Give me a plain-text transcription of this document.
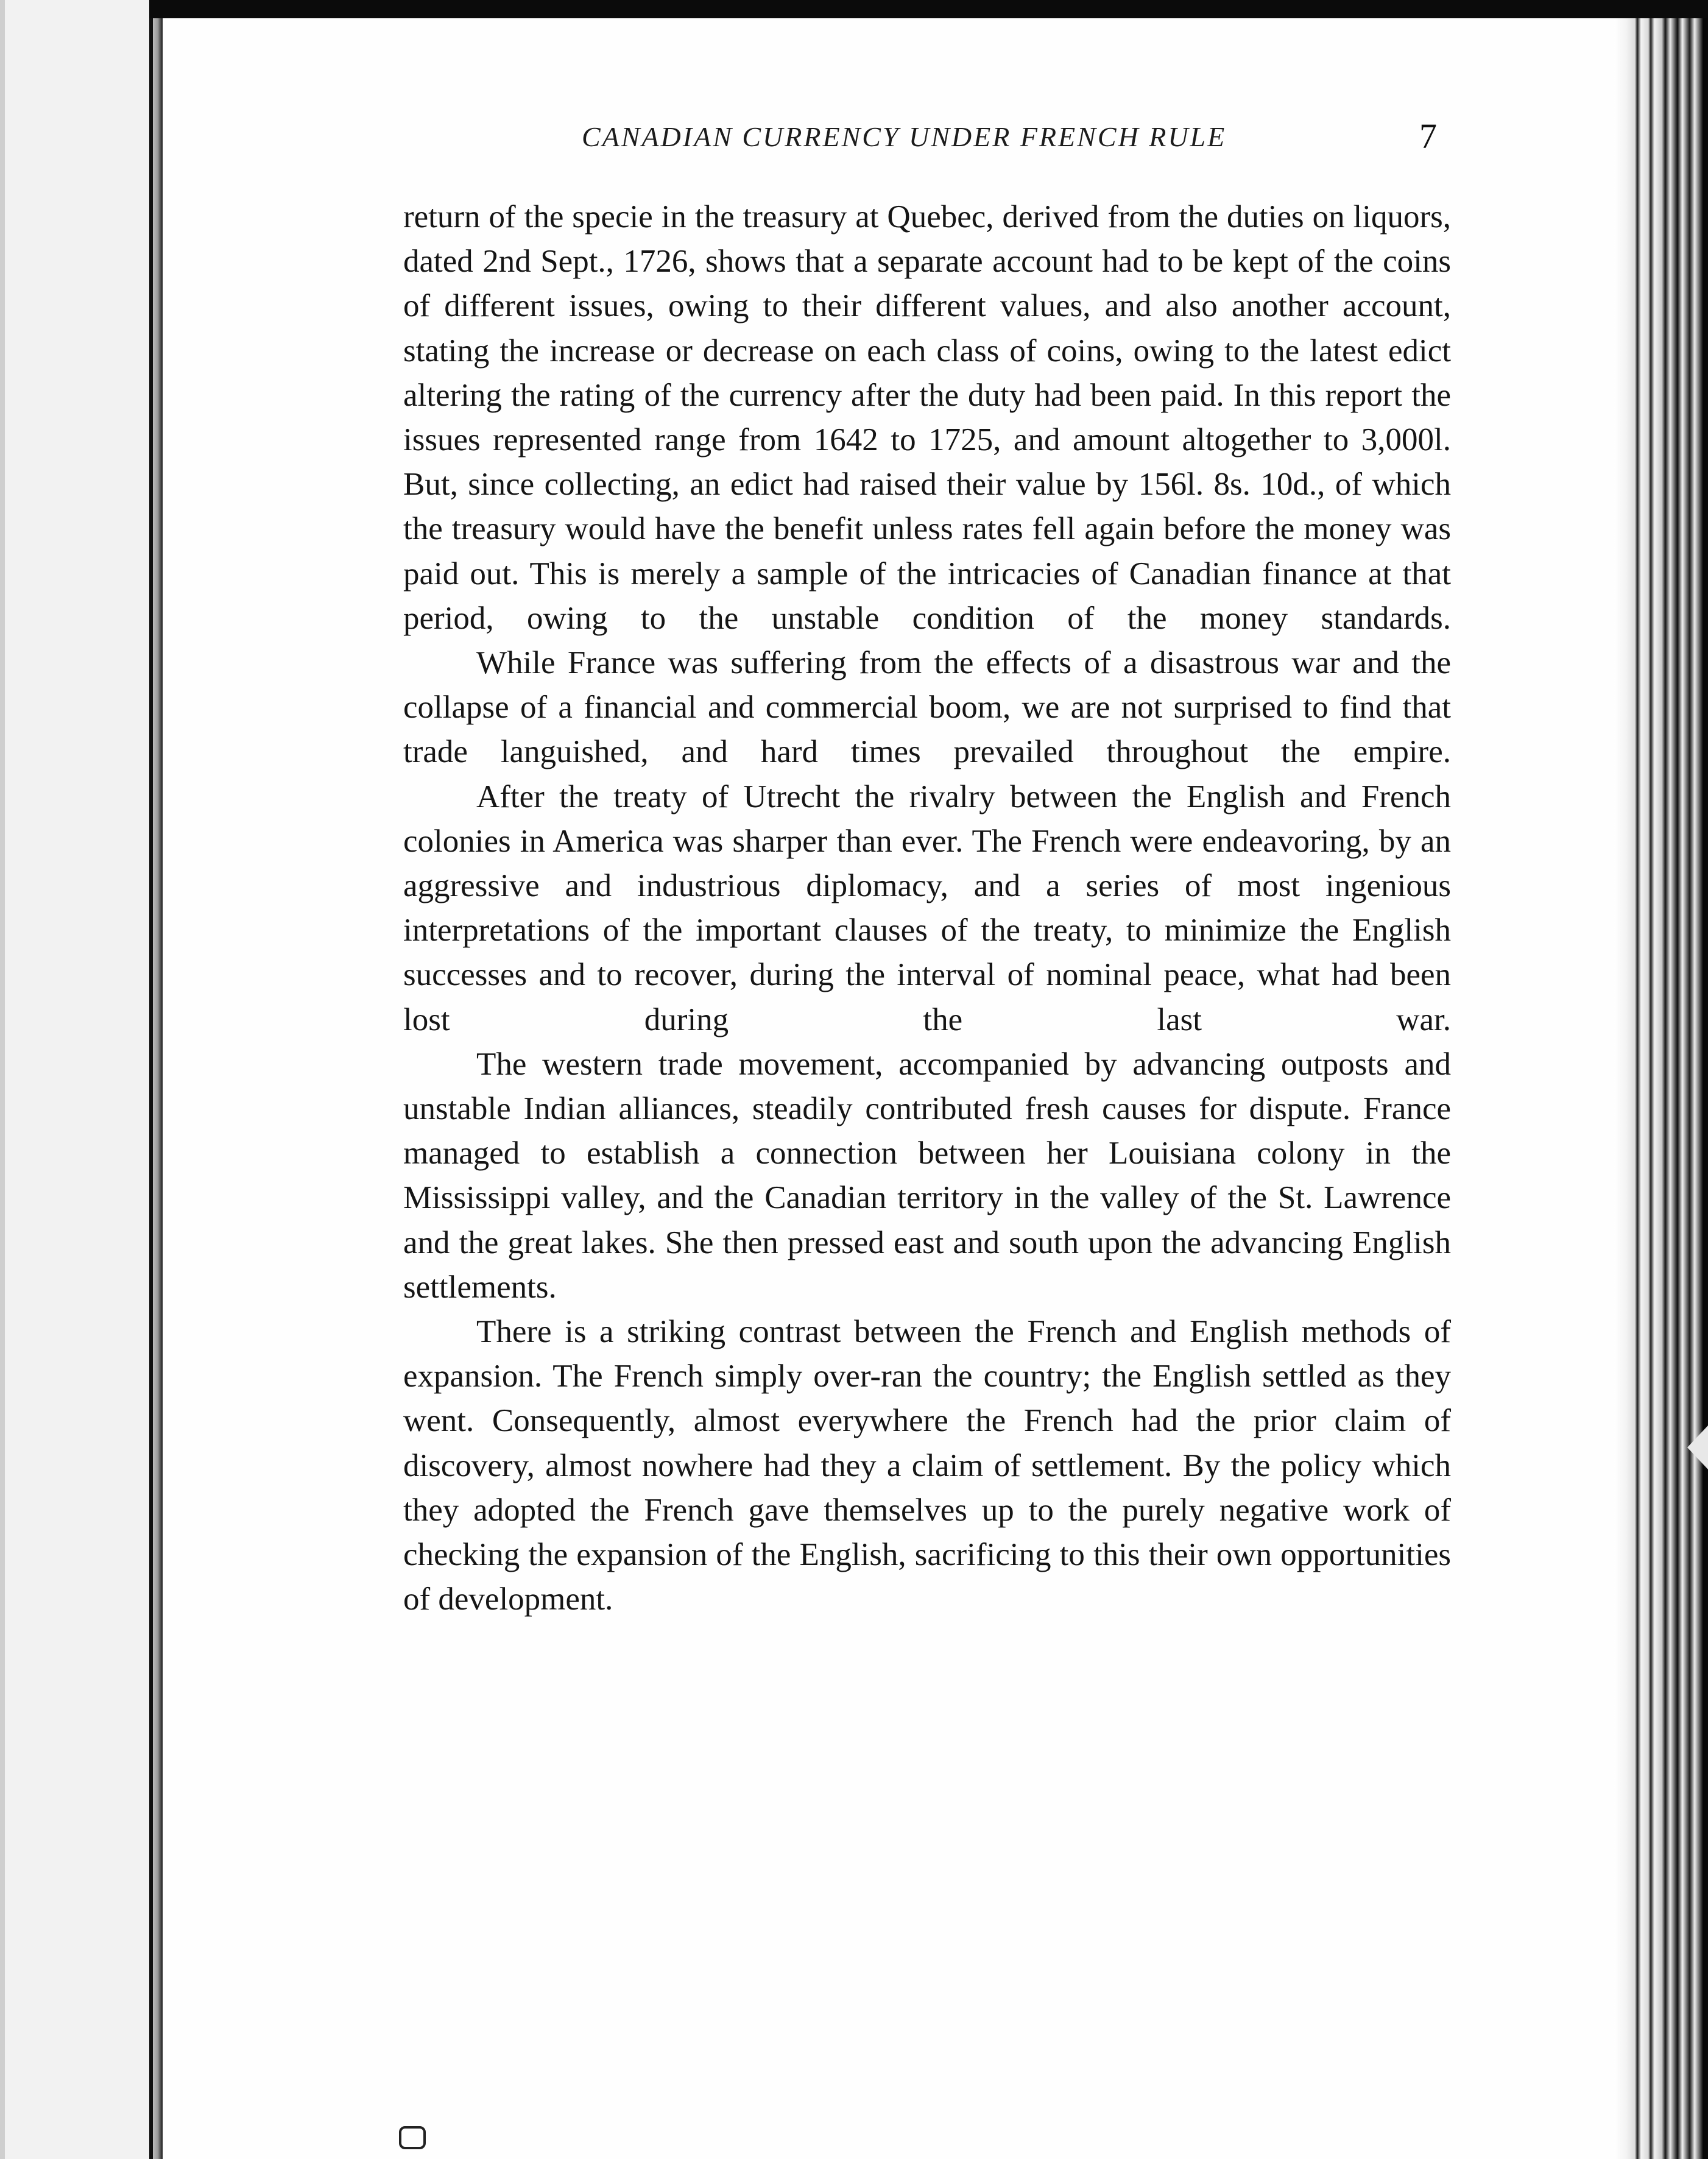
CANADIAN CURRENCY UNDER FRENCH RULE	7

return of the specie in the treasury at Quebec, derived from the duties on liquors, dated 2nd Sept., 1726, shows that a separate account had to be kept of the coins of different issues, owing to their different values, and also another account, stating the increase or decrease on each class of coins, owing to the latest edict altering the rating of the currency after the duty had been paid. In this report the issues represented range from 1642 to 1725, and amount altogether to 3,000l. But, since collecting, an edict had raised their value by 156l. 8s. 10d., of which the treasury would have the benefit unless rates fell again before the money was paid out. This is merely a sample of the intricacies of Canadian finance at that period, owing to the unstable condition of the money standards.

While France was suffering from the effects of a disastrous war and the collapse of a financial and commercial boom, we are not surprised to find that trade languished, and hard times prevailed throughout the empire.

After the treaty of Utrecht the rivalry between the English and French colonies in America was sharper than ever. The French were endeavoring, by an aggressive and industrious diplomacy, and a series of most ingenious interpretations of the important clauses of the treaty, to minimize the English successes and to recover, during the interval of nominal peace, what had been lost during the last war.

The western trade movement, accompanied by advancing outposts and unstable Indian alliances, steadily contributed fresh causes for dispute. France managed to establish a connection between her Louisiana colony in the Mississippi valley, and the Canadian territory in the valley of the St. Lawrence and the great lakes. She then pressed east and south upon the advancing English settlements.

There is a striking contrast between the French and English methods of expansion. The French simply over-ran the country; the English settled as they went. Consequently, almost everywhere the French had the prior claim of discovery, almost nowhere had they a claim of settlement. By the policy which they adopted the French gave themselves up to the purely negative work of checking the expansion of the English, sacrificing to this their own opportunities of development.
